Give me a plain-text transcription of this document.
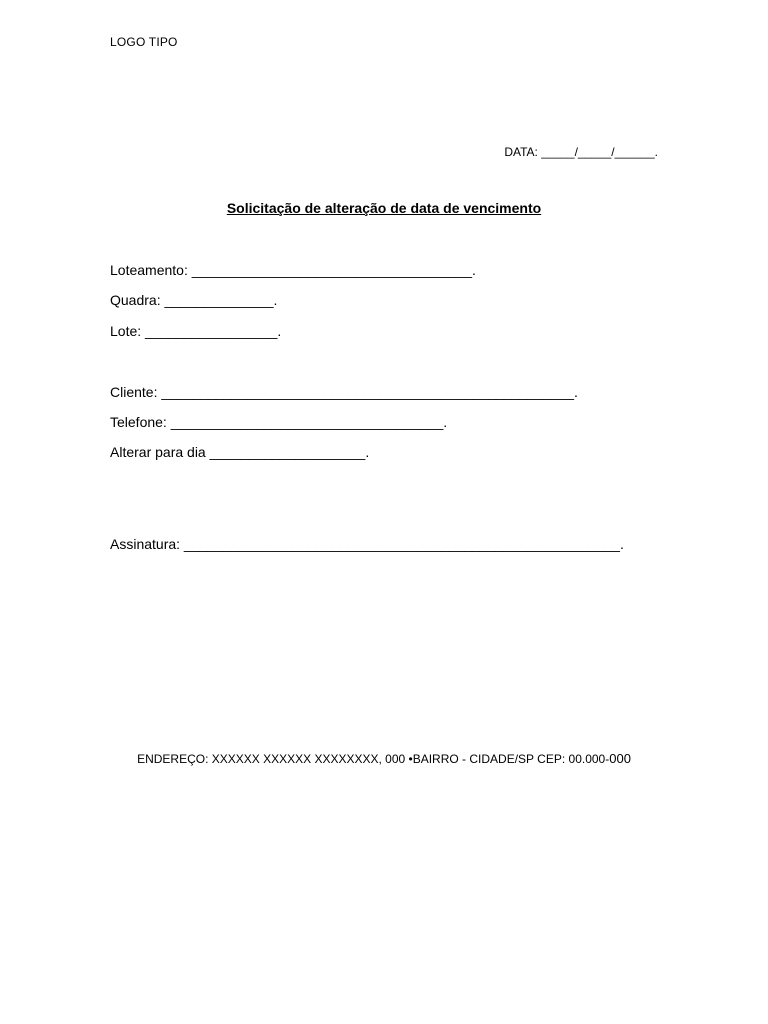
LOGO TIPO
DATA: _____/_____/______.
Solicitação de alteração de data de vencimento
Loteamento: ____________________________________.
Quadra: ______________.
Lote: _________________.
Cliente: _____________________________________________________.
Telefone: ___________________________________.
Alterar para dia ____________________.
Assinatura: ________________________________________________________.
ENDEREÇO: XXXXXX XXXXXX XXXXXXXX, 000 •BAIRRO - CIDADE/SP CEP: 00.000-000
